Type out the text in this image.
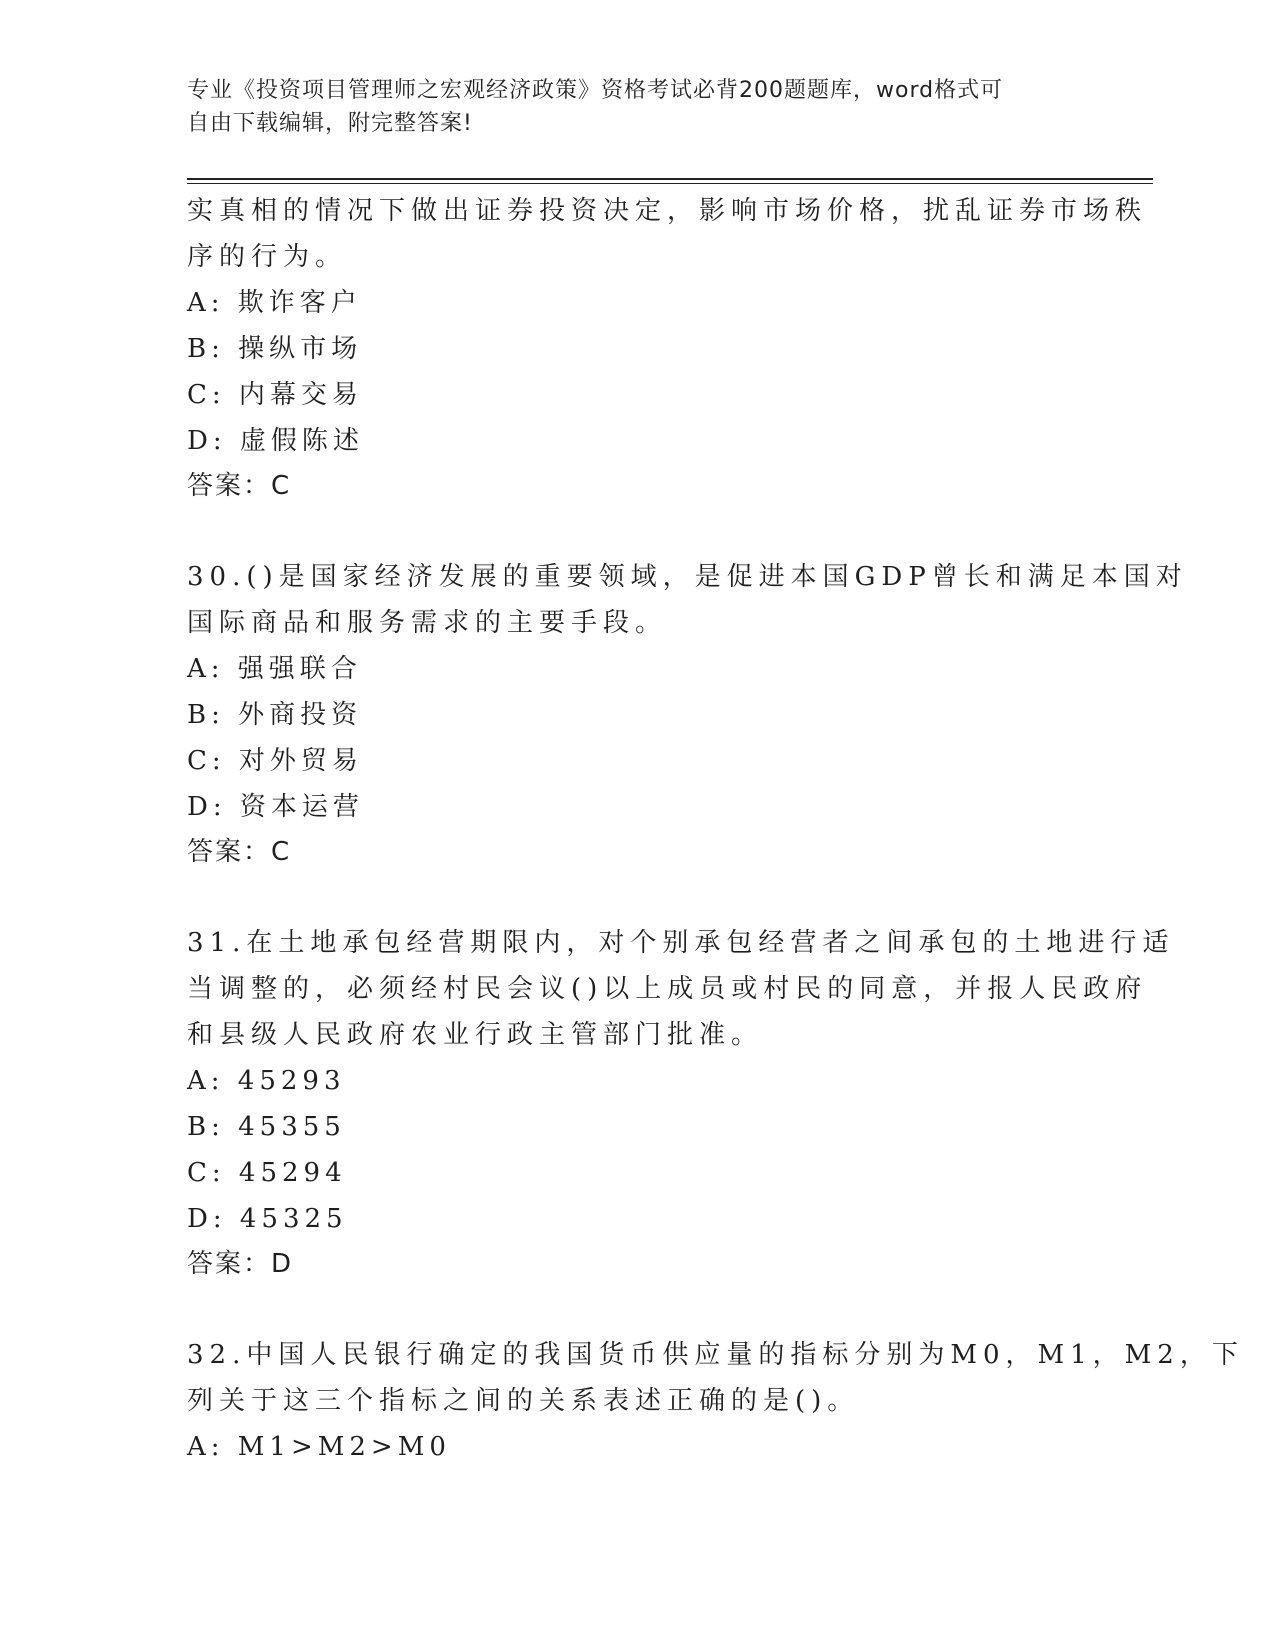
专业《投资项目管理师之宏观经济政策》资格考试必背200题题库，word格式可
自由下载编辑，附完整答案!
实真相的情况下做出证券投资决定，影响市场价格，扰乱证券市场秩
序的行为。
A: 欺诈客户
B: 操纵市场
C: 内幕交易
D: 虚假陈述
答案：C
30.()是国家经济发展的重要领域，是促进本国GDP曾长和满足本国对
国际商品和服务需求的主要手段。
A: 强强联合
B: 外商投资
C: 对外贸易
D: 资本运营
答案：C
31.在土地承包经营期限内，对个别承包经营者之间承包的土地进行适
当调整的，必须经村民会议()以上成员或村民的同意，并报人民政府
和县级人民政府农业行政主管部门批准。
A: 45293
B: 45355
C: 45294
D: 45325
答案：D
32.中国人民银行确定的我国货币供应量的指标分别为M0，M1，M2，下
列关于这三个指标之间的关系表述正确的是()。
A: M1>M2>M0
